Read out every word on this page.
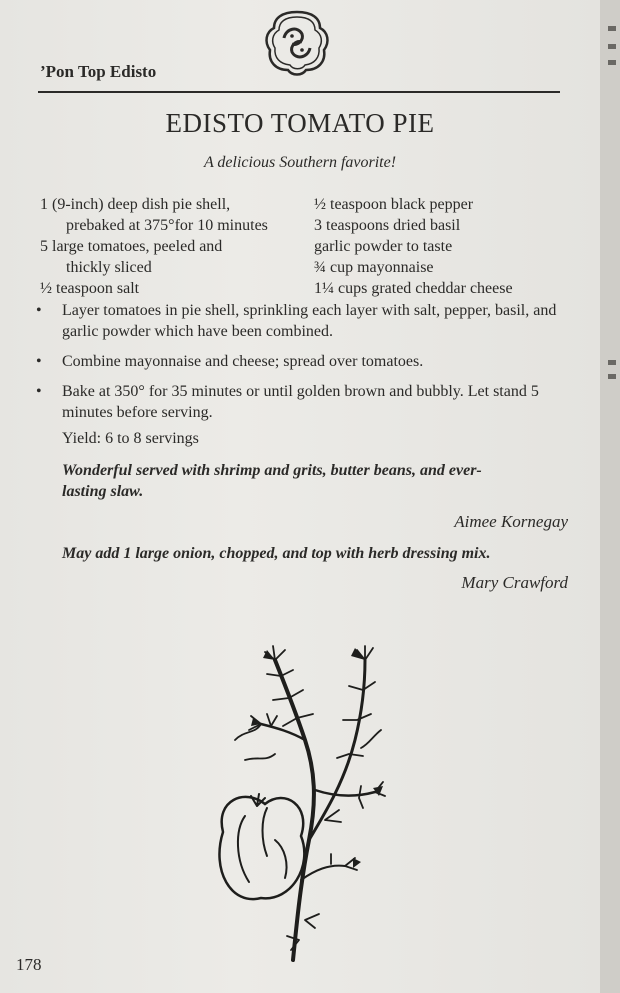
’Pon Top Edisto
EDISTO TOMATO PIE
A delicious Southern favorite!
1 (9-inch) deep dish pie shell,
prebaked at 375°for 10 minutes
5 large tomatoes, peeled and
thickly sliced
½ teaspoon salt
½ teaspoon black pepper
3 teaspoons dried basil
garlic powder to taste
¾ cup mayonnaise
1¼ cups grated cheddar cheese
• Layer tomatoes in pie shell, sprinkling each layer with salt, pepper, basil, and garlic powder which have been combined.
• Combine mayonnaise and cheese; spread over tomatoes.
• Bake at 350° for 35 minutes or until golden brown and bubbly. Let stand 5 minutes before serving.
Yield: 6 to 8 servings
Wonderful served with shrimp and grits, butter beans, and ever-
lasting slaw.
Aimee Kornegay
May add 1 large onion, chopped, and top with herb dressing mix.
Mary Crawford
178
